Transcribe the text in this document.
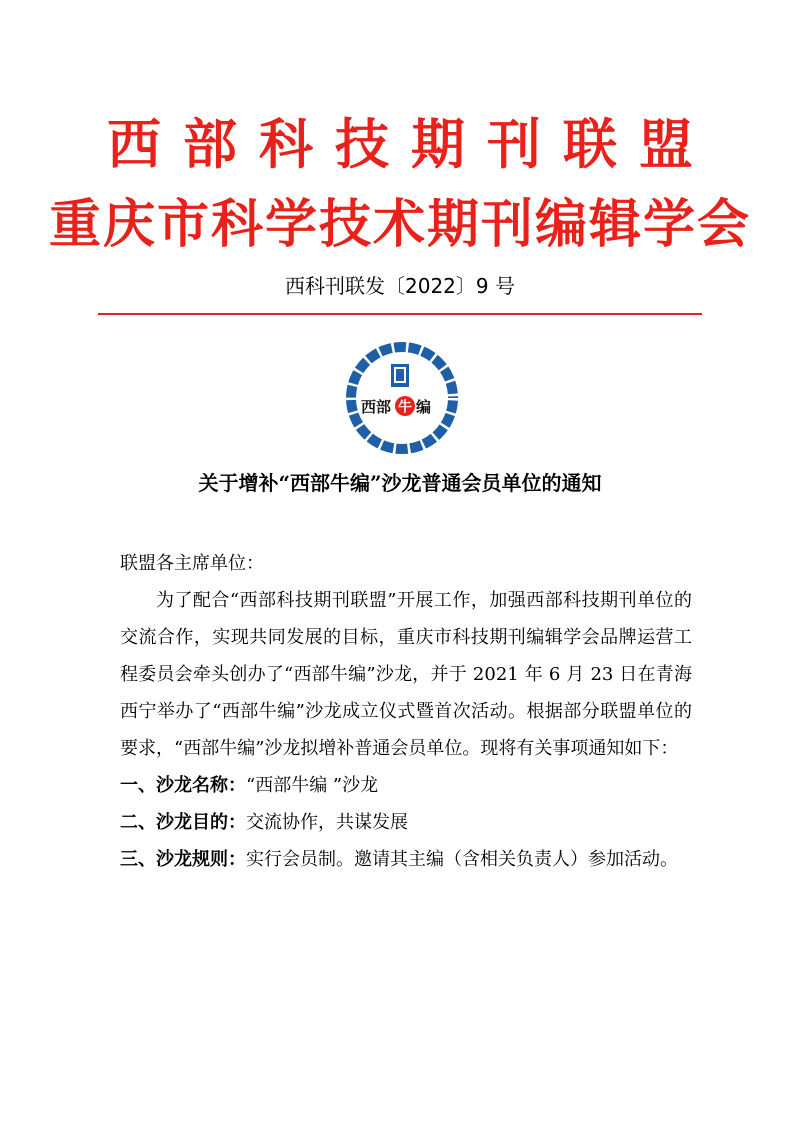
西部科技期刊联盟
重庆市科学技术期刊编辑学会

西科刊联发〔2022〕9 号

西部 牛 编
关于增补“西部牛编”沙龙普通会员单位的通知

联盟各主席单位：

为了配合“西部科技期刊联盟”开展工作，加强西部科技期刊单位的交流合作，实现共同发展的目标，重庆市科技期刊编辑学会品牌运营工程委员会牵头创办了“西部牛编”沙龙，并于 2021 年 6 月 23 日在青海西宁举办了“西部牛编”沙龙成立仪式暨首次活动。根据部分联盟单位的要求，“西部牛编”沙龙拟增补普通会员单位。现将有关事项通知如下：

一、沙龙名称：“西部牛编 ”沙龙

二、沙龙目的：交流协作，共谋发展

三、沙龙规则：实行会员制。邀请其主编（含相关负责人）参加活动。
